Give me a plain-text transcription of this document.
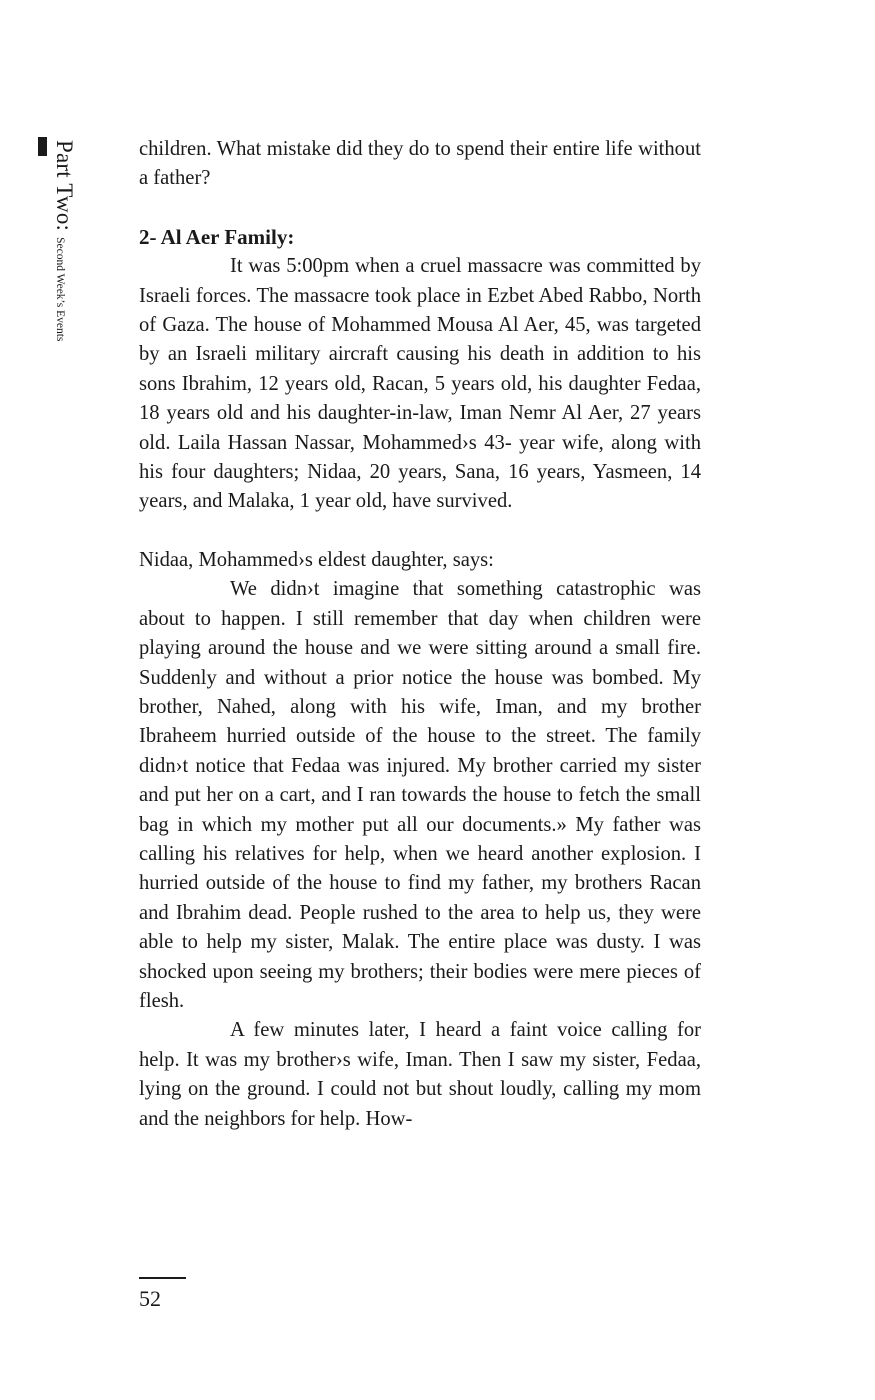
Part Two:Second Week’s Events

children. What mistake did they do to spend their entire life without a father?

2- Al Aer Family:

It was 5:00pm when a cruel massacre was committed by Israeli forces. The massacre took place in Ezbet Abed Rabbo, North of Gaza. The house of Mohammed Mousa Al Aer, 45, was targeted by an Israeli military aircraft causing his death in addition to his sons Ibrahim, 12 years old, Racan, 5 years old, his daughter Fedaa, 18 years old and his daughter-in-law, Iman Nemr Al Aer, 27 years old. Laila Hassan Nassar, Mohammed›s 43- year wife, along with his four daughters; Nidaa, 20 years, Sana, 16 years, Yasmeen, 14 years, and Malaka, 1 year old, have survived.

Nidaa, Mohammed›s eldest daughter, says:

We didn›t imagine that something catastrophic was about to happen. I still remember that day when children were playing around the house and we were sitting around a small fire. Suddenly and without a prior notice the house was bombed. My brother, Nahed, along with his wife, Iman, and my brother Ibraheem hurried outside of the house to the street. The family didn›t notice that Fedaa was injured. My brother carried my sister and put her on a cart, and I ran towards the house to fetch the small bag in which my mother put all our documents.» My father was calling his relatives for help, when we heard another explosion. I hurried outside of the house to find my father, my brothers Racan and Ibrahim dead. People rushed to the area to help us, they were able to help my sister, Malak. The entire place was dusty. I was shocked upon seeing my brothers; their bodies were mere pieces of flesh.

A few minutes later, I heard a faint voice calling for help. It was my brother›s wife, Iman. Then I saw my sister, Fedaa, lying on the ground. I could not but shout loudly, calling my mom and the neighbors for help. How-

52
